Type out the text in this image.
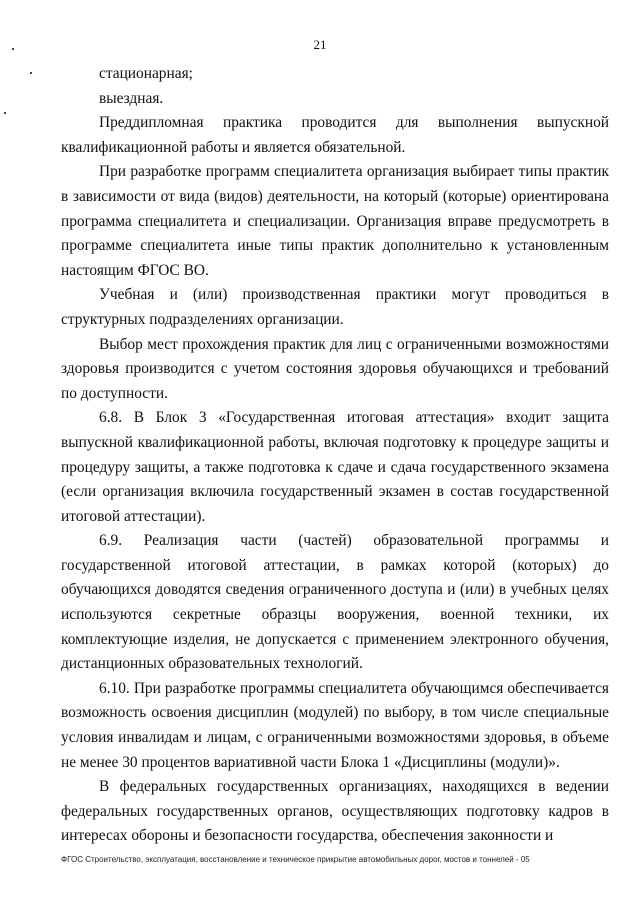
21

стационарная;

выездная.

Преддипломная практика проводится для выполнения выпускной квалификационной работы и является обязательной.

При разработке программ специалитета организация выбирает типы практик в зависимости от вида (видов) деятельности, на который (которые) ориентирована программа специалитета и специализации. Организация вправе предусмотреть в программе специалитета иные типы практик дополнительно к установленным настоящим ФГОС ВО.

Учебная и (или) производственная практики могут проводиться в структурных подразделениях организации.

Выбор мест прохождения практик для лиц с ограниченными возможностями здоровья производится с учетом состояния здоровья обучающихся и требований по доступности.

6.8. В Блок 3 «Государственная итоговая аттестация» входит защита выпускной квалификационной работы, включая подготовку к процедуре защиты и процедуру защиты, а также подготовка к сдаче и сдача государственного экзамена (если организация включила государственный экзамен в состав государственной итоговой аттестации).

6.9. Реализация части (частей) образовательной программы и государственной итоговой аттестации, в рамках которой (которых) до обучающихся доводятся сведения ограниченного доступа и (или) в учебных целях используются секретные образцы вооружения, военной техники, их комплектующие изделия, не допускается с применением электронного обучения, дистанционных образовательных технологий.

6.10. При разработке программы специалитета обучающимся обеспечивается возможность освоения дисциплин (модулей) по выбору, в том числе специальные условия инвалидам и лицам, с ограниченными возможностями здоровья, в объеме не менее 30 процентов вариативной части Блока 1 «Дисциплины (модули)».

В федеральных государственных организациях, находящихся в ведении федеральных государственных органов, осуществляющих подготовку кадров в интересах обороны и безопасности государства, обеспечения законности и

ФГОС Строительство, эксплуатация, восстановление и техническое прикрытие автомобильных дорог, мостов и тоннелей - 05
